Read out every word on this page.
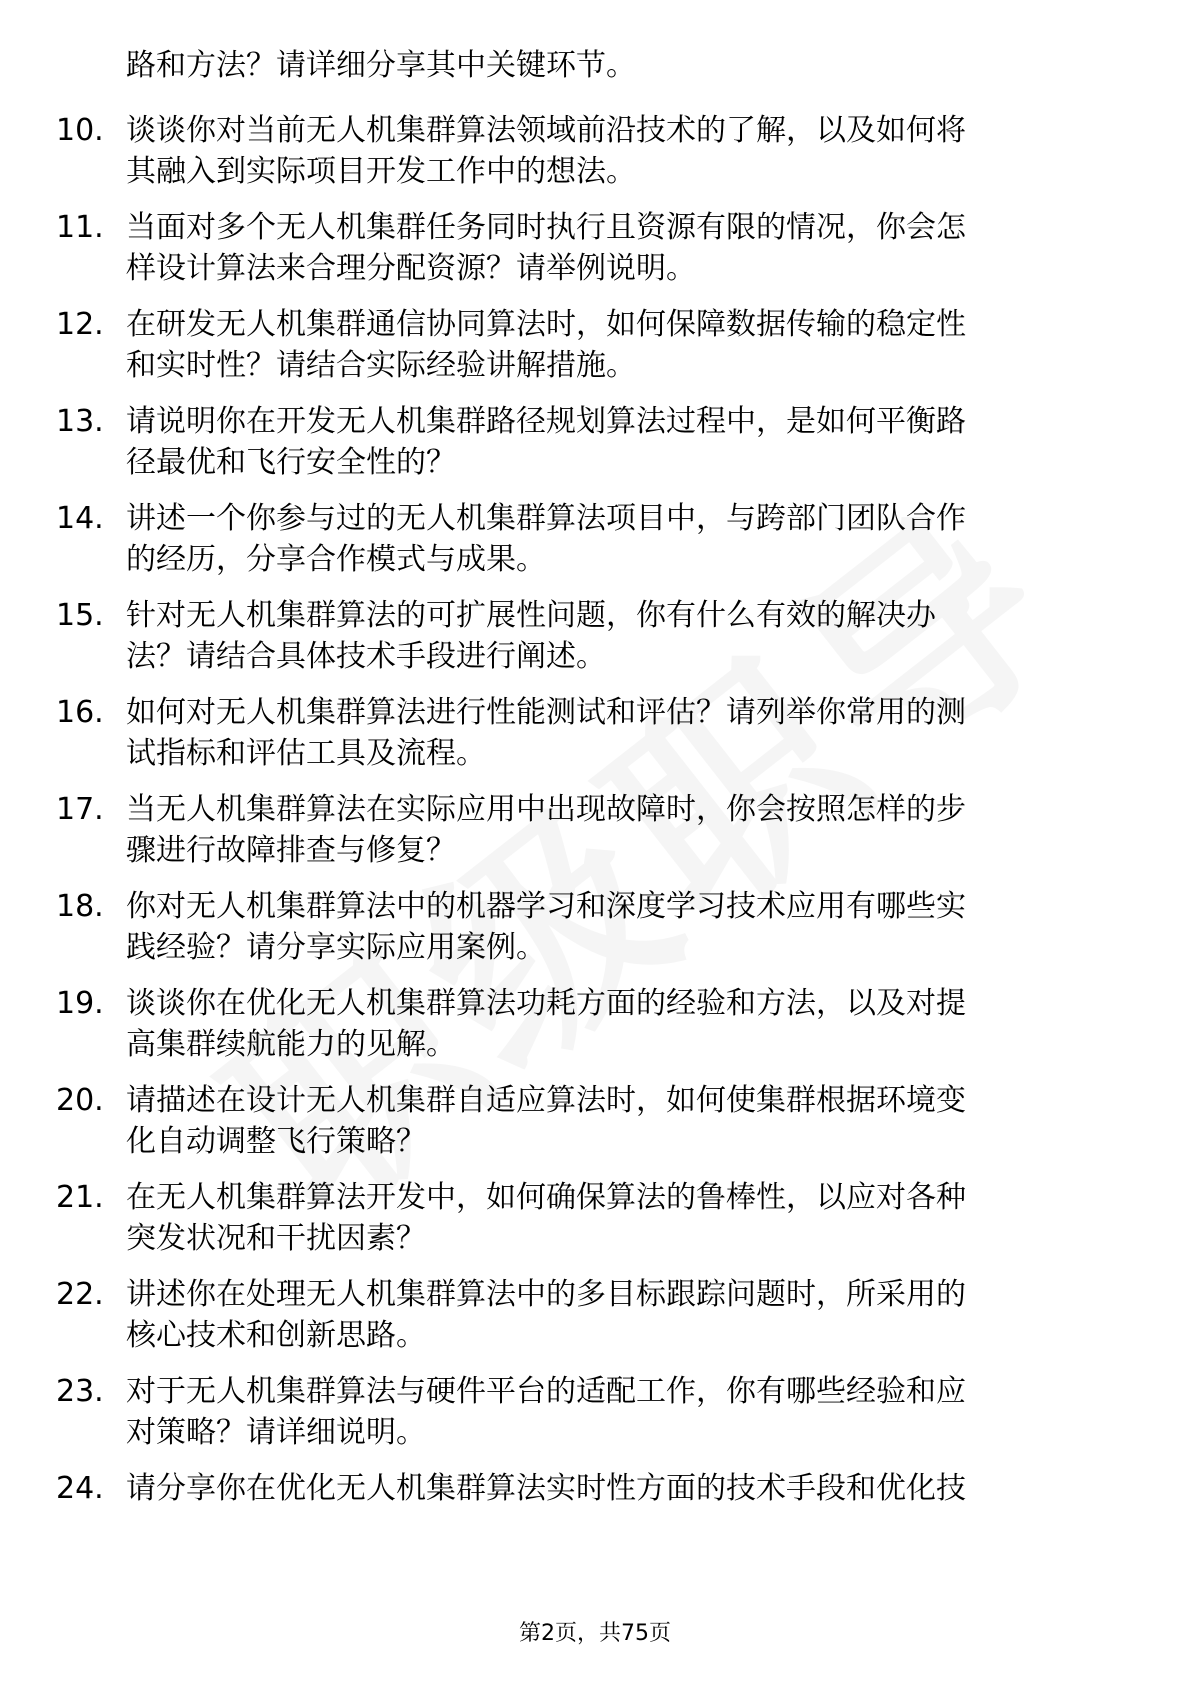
路和方法？请详细分享其中关键环节。
10. 谈谈你对当前无人机集群算法领域前沿技术的了解，以及如何将
其融入到实际项目开发工作中的想法。
11. 当面对多个无人机集群任务同时执行且资源有限的情况，你会怎
样设计算法来合理分配资源？请举例说明。
12. 在研发无人机集群通信协同算法时，如何保障数据传输的稳定性
和实时性？请结合实际经验讲解措施。
13. 请说明你在开发无人机集群路径规划算法过程中，是如何平衡路
径最优和飞行安全性的？
14. 讲述一个你参与过的无人机集群算法项目中，与跨部门团队合作
的经历，分享合作模式与成果。
15. 针对无人机集群算法的可扩展性问题，你有什么有效的解决办
法？请结合具体技术手段进行阐述。
16. 如何对无人机集群算法进行性能测试和评估？请列举你常用的测
试指标和评估工具及流程。
17. 当无人机集群算法在实际应用中出现故障时，你会按照怎样的步
骤进行故障排查与修复？
18. 你对无人机集群算法中的机器学习和深度学习技术应用有哪些实
践经验？请分享实际应用案例。
19. 谈谈你在优化无人机集群算法功耗方面的经验和方法，以及对提
高集群续航能力的见解。
20. 请描述在设计无人机集群自适应算法时，如何使集群根据环境变
化自动调整飞行策略？
21. 在无人机集群算法开发中，如何确保算法的鲁棒性，以应对各种
突发状况和干扰因素？
22. 讲述你在处理无人机集群算法中的多目标跟踪问题时，所采用的
核心技术和创新思路。
23. 对于无人机集群算法与硬件平台的适配工作，你有哪些经验和应
对策略？请详细说明。
24. 请分享你在优化无人机集群算法实时性方面的技术手段和优化技
第2页，共75页
